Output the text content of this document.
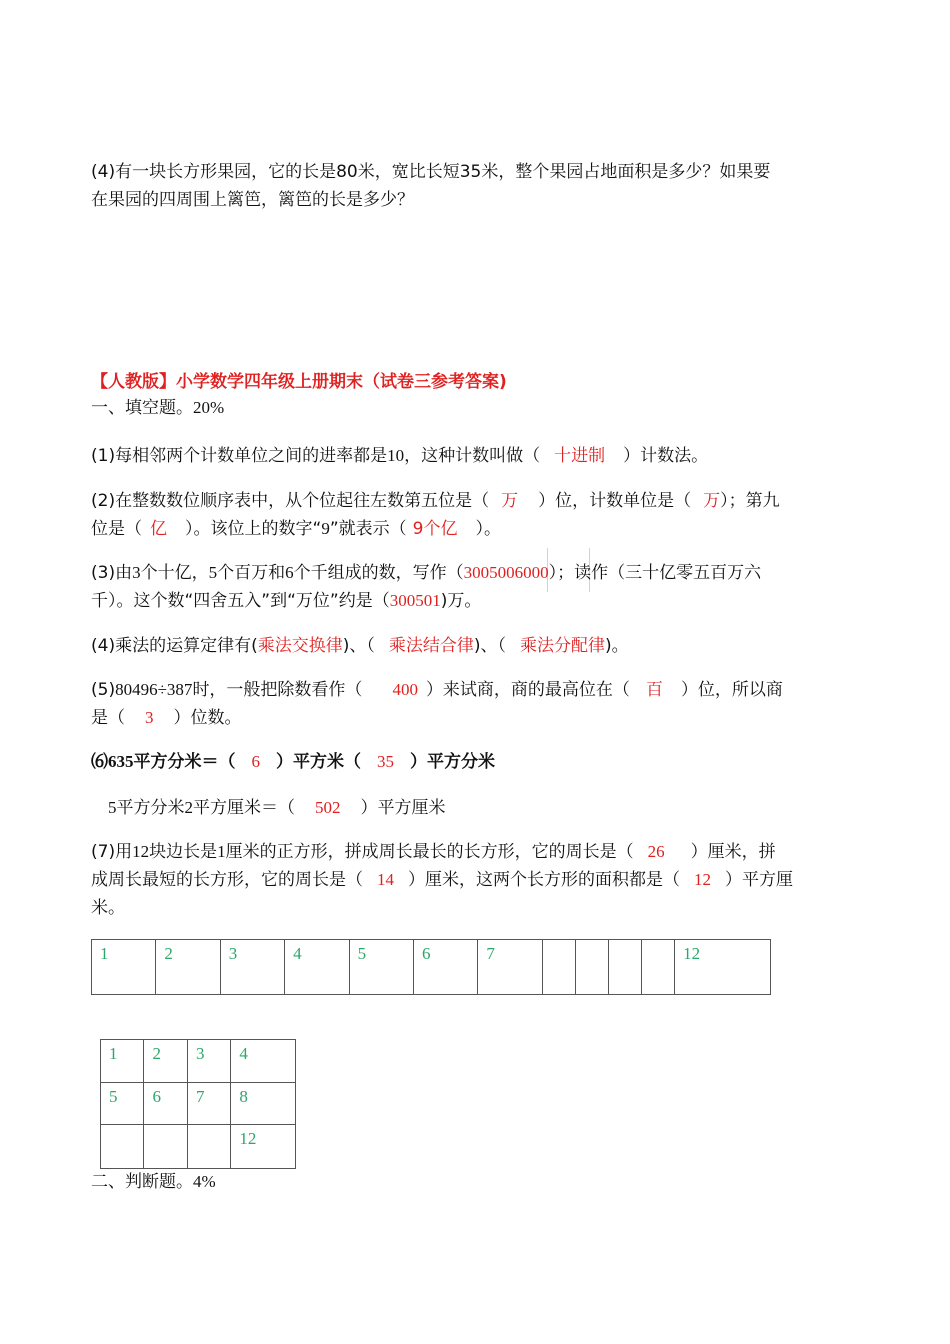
(4)有一块长方形果园，它的长是80米，宽比长短35米，整个果园占地面积是多少？如果要
在果园的四周围上篱笆，篱笆的长是多少？
【人教版】小学数学四年级上册期末（试卷三参考答案)
一、填空题。20%
(1)每相邻两个计数单位之间的进率都是10，这种计数叫做（ 十进制 ）计数法。
(2)在整数数位顺序表中，从个位起往左数第五位是（ 万 ）位，计数单位是（ 万）；第九
位是（ 亿 ）。该位上的数字“9”就表示（ 9个亿 ）。
(3)由3个十亿，5个百万和6个千组成的数，写作（3005006000）；读作（三十亿零五百万六
千）。这个数“四舍五入”到“万位”约是（300501)万。
(4)乘法的运算定律有(乘法交换律)、（ 乘法结合律)、（ 乘法分配律)。
(5)80496÷387时，一般把除数看作（ 400 ）来试商，商的最高位在（ 百 ）位，所以商
是（ 3 ）位数。
⑹635平方分米＝（ 6 ）平方米（ 35 ）平方分米
5平方分米2平方厘米＝（ 502 ）平方厘米
(7)用12块边长是1厘米的正方形，拼成周长最长的长方形，它的周长是（ 26 ）厘米，拼
成周长最短的长方形，它的周长是（ 14 ）厘米，这两个长方形的面积都是（ 12 ）平方厘
米。
1	2	3	4	5	6	7					12
1	2	3	4
5	6	7	8
			12
二、判断题。4%
